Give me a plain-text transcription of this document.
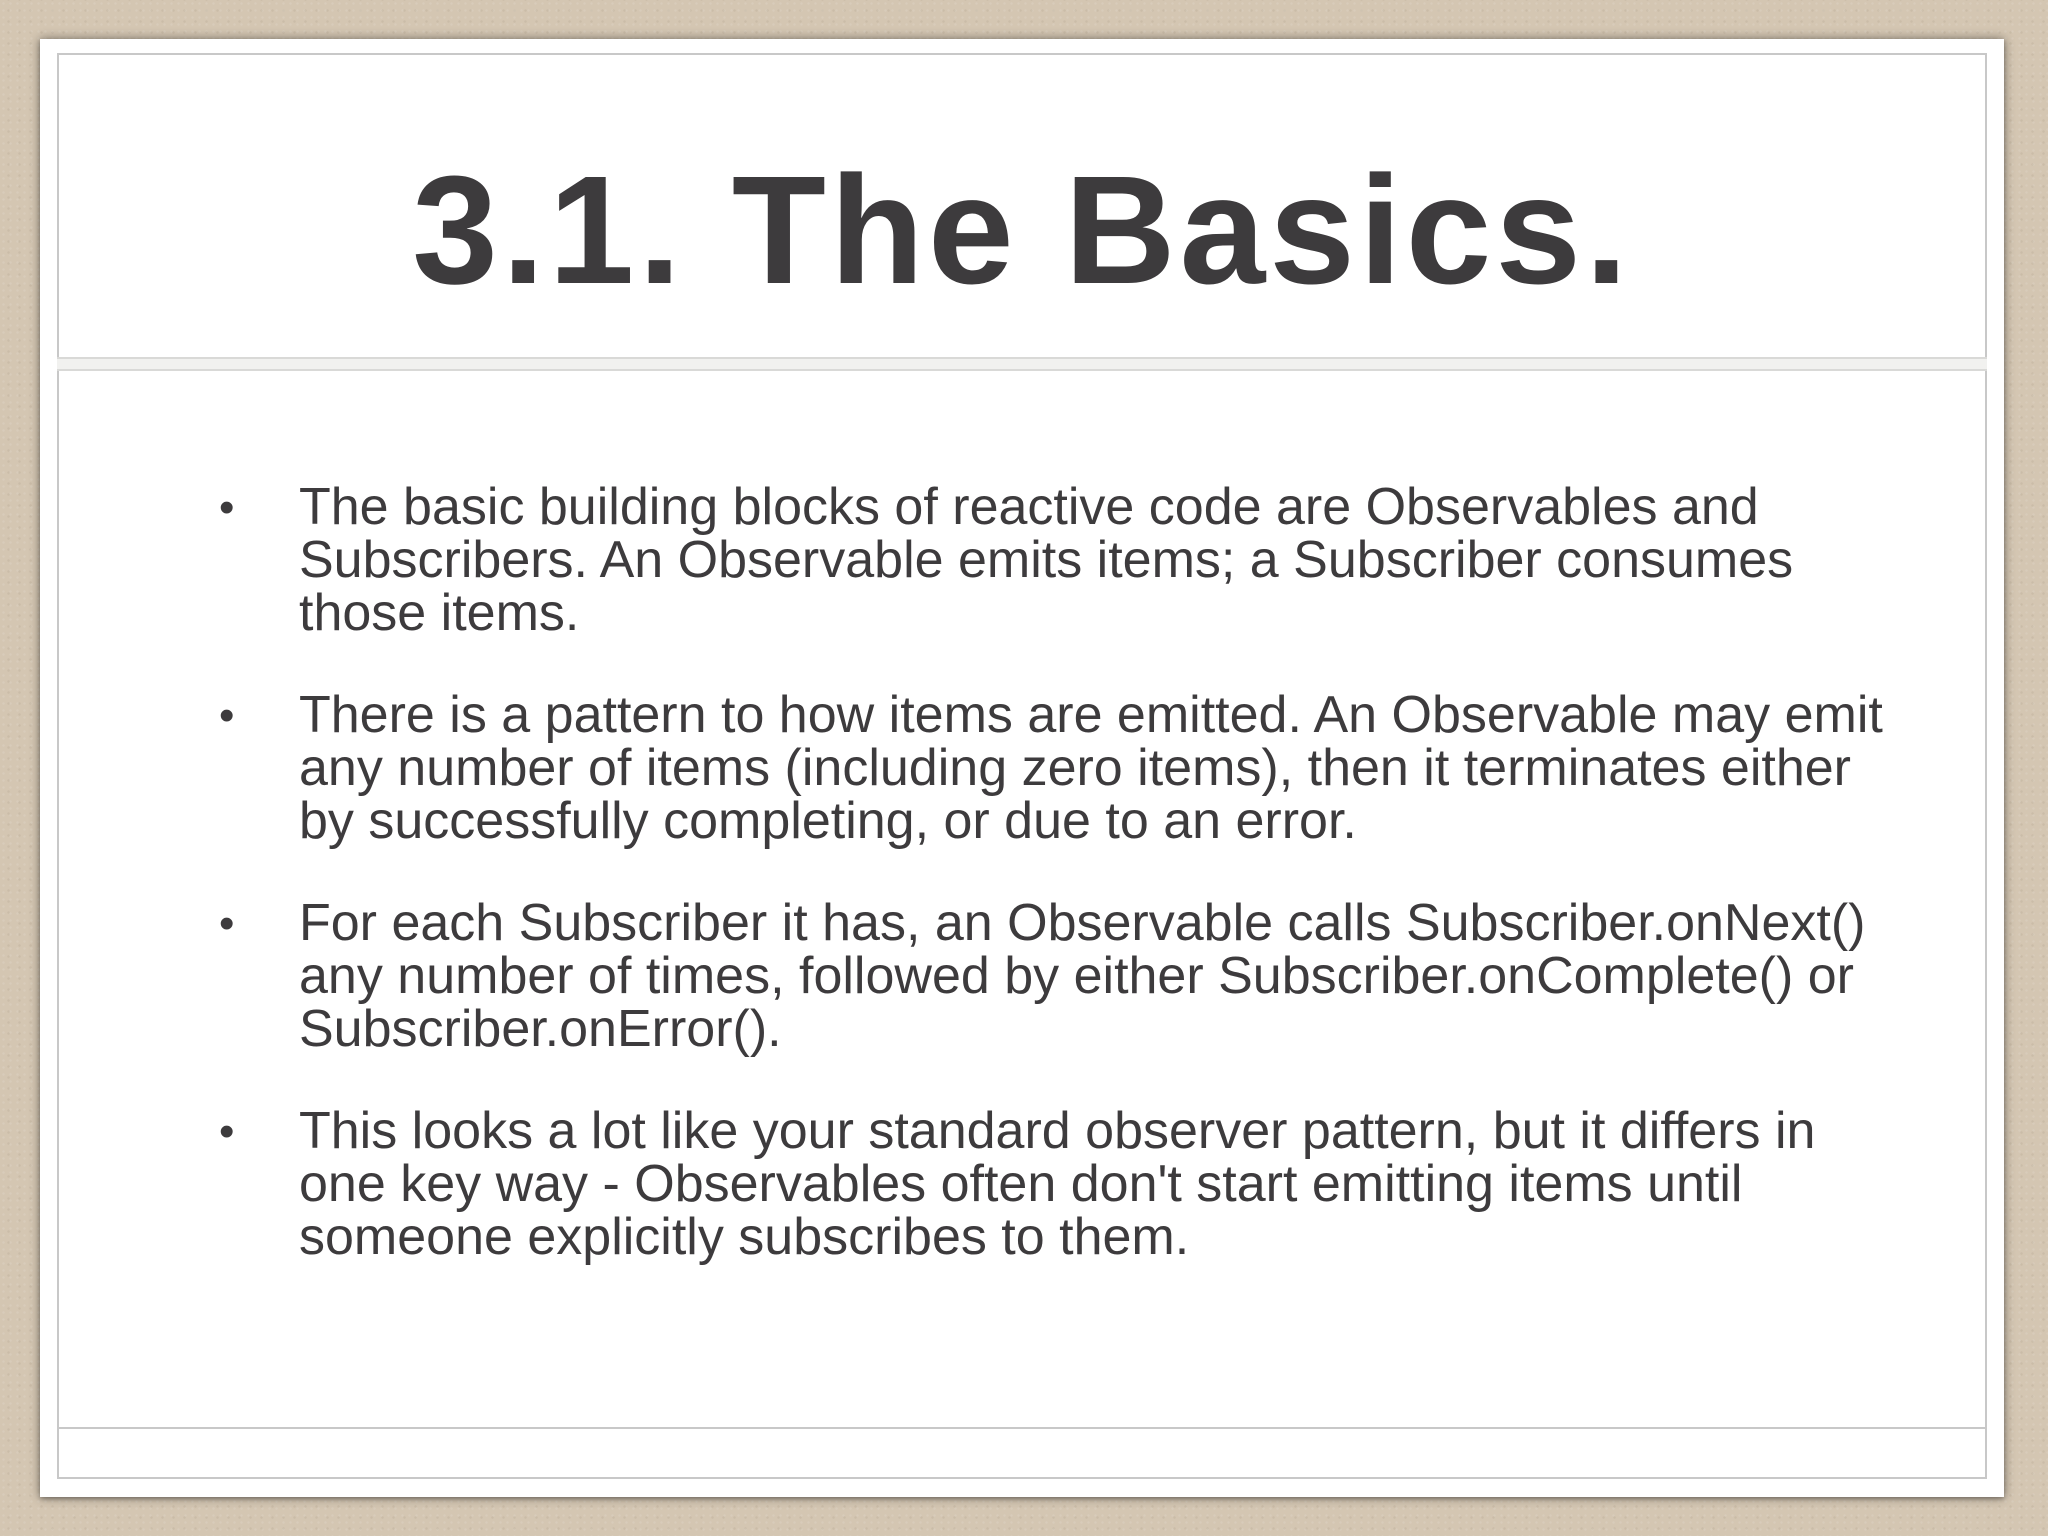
3.1. The Basics.
• The basic building blocks of reactive code are Observables and Subscribers. An Observable emits items; a Subscriber consumes those items.
• There is a pattern to how items are emitted. An Observable may emit any number of items (including zero items), then it terminates either by successfully completing, or due to an error.
• For each Subscriber it has, an Observable calls Subscriber.onNext() any number of times, followed by either Subscriber.onComplete() or Subscriber.onError().
• This looks a lot like your standard observer pattern, but it differs in one key way - Observables often don't start emitting items until someone explicitly subscribes to them.
